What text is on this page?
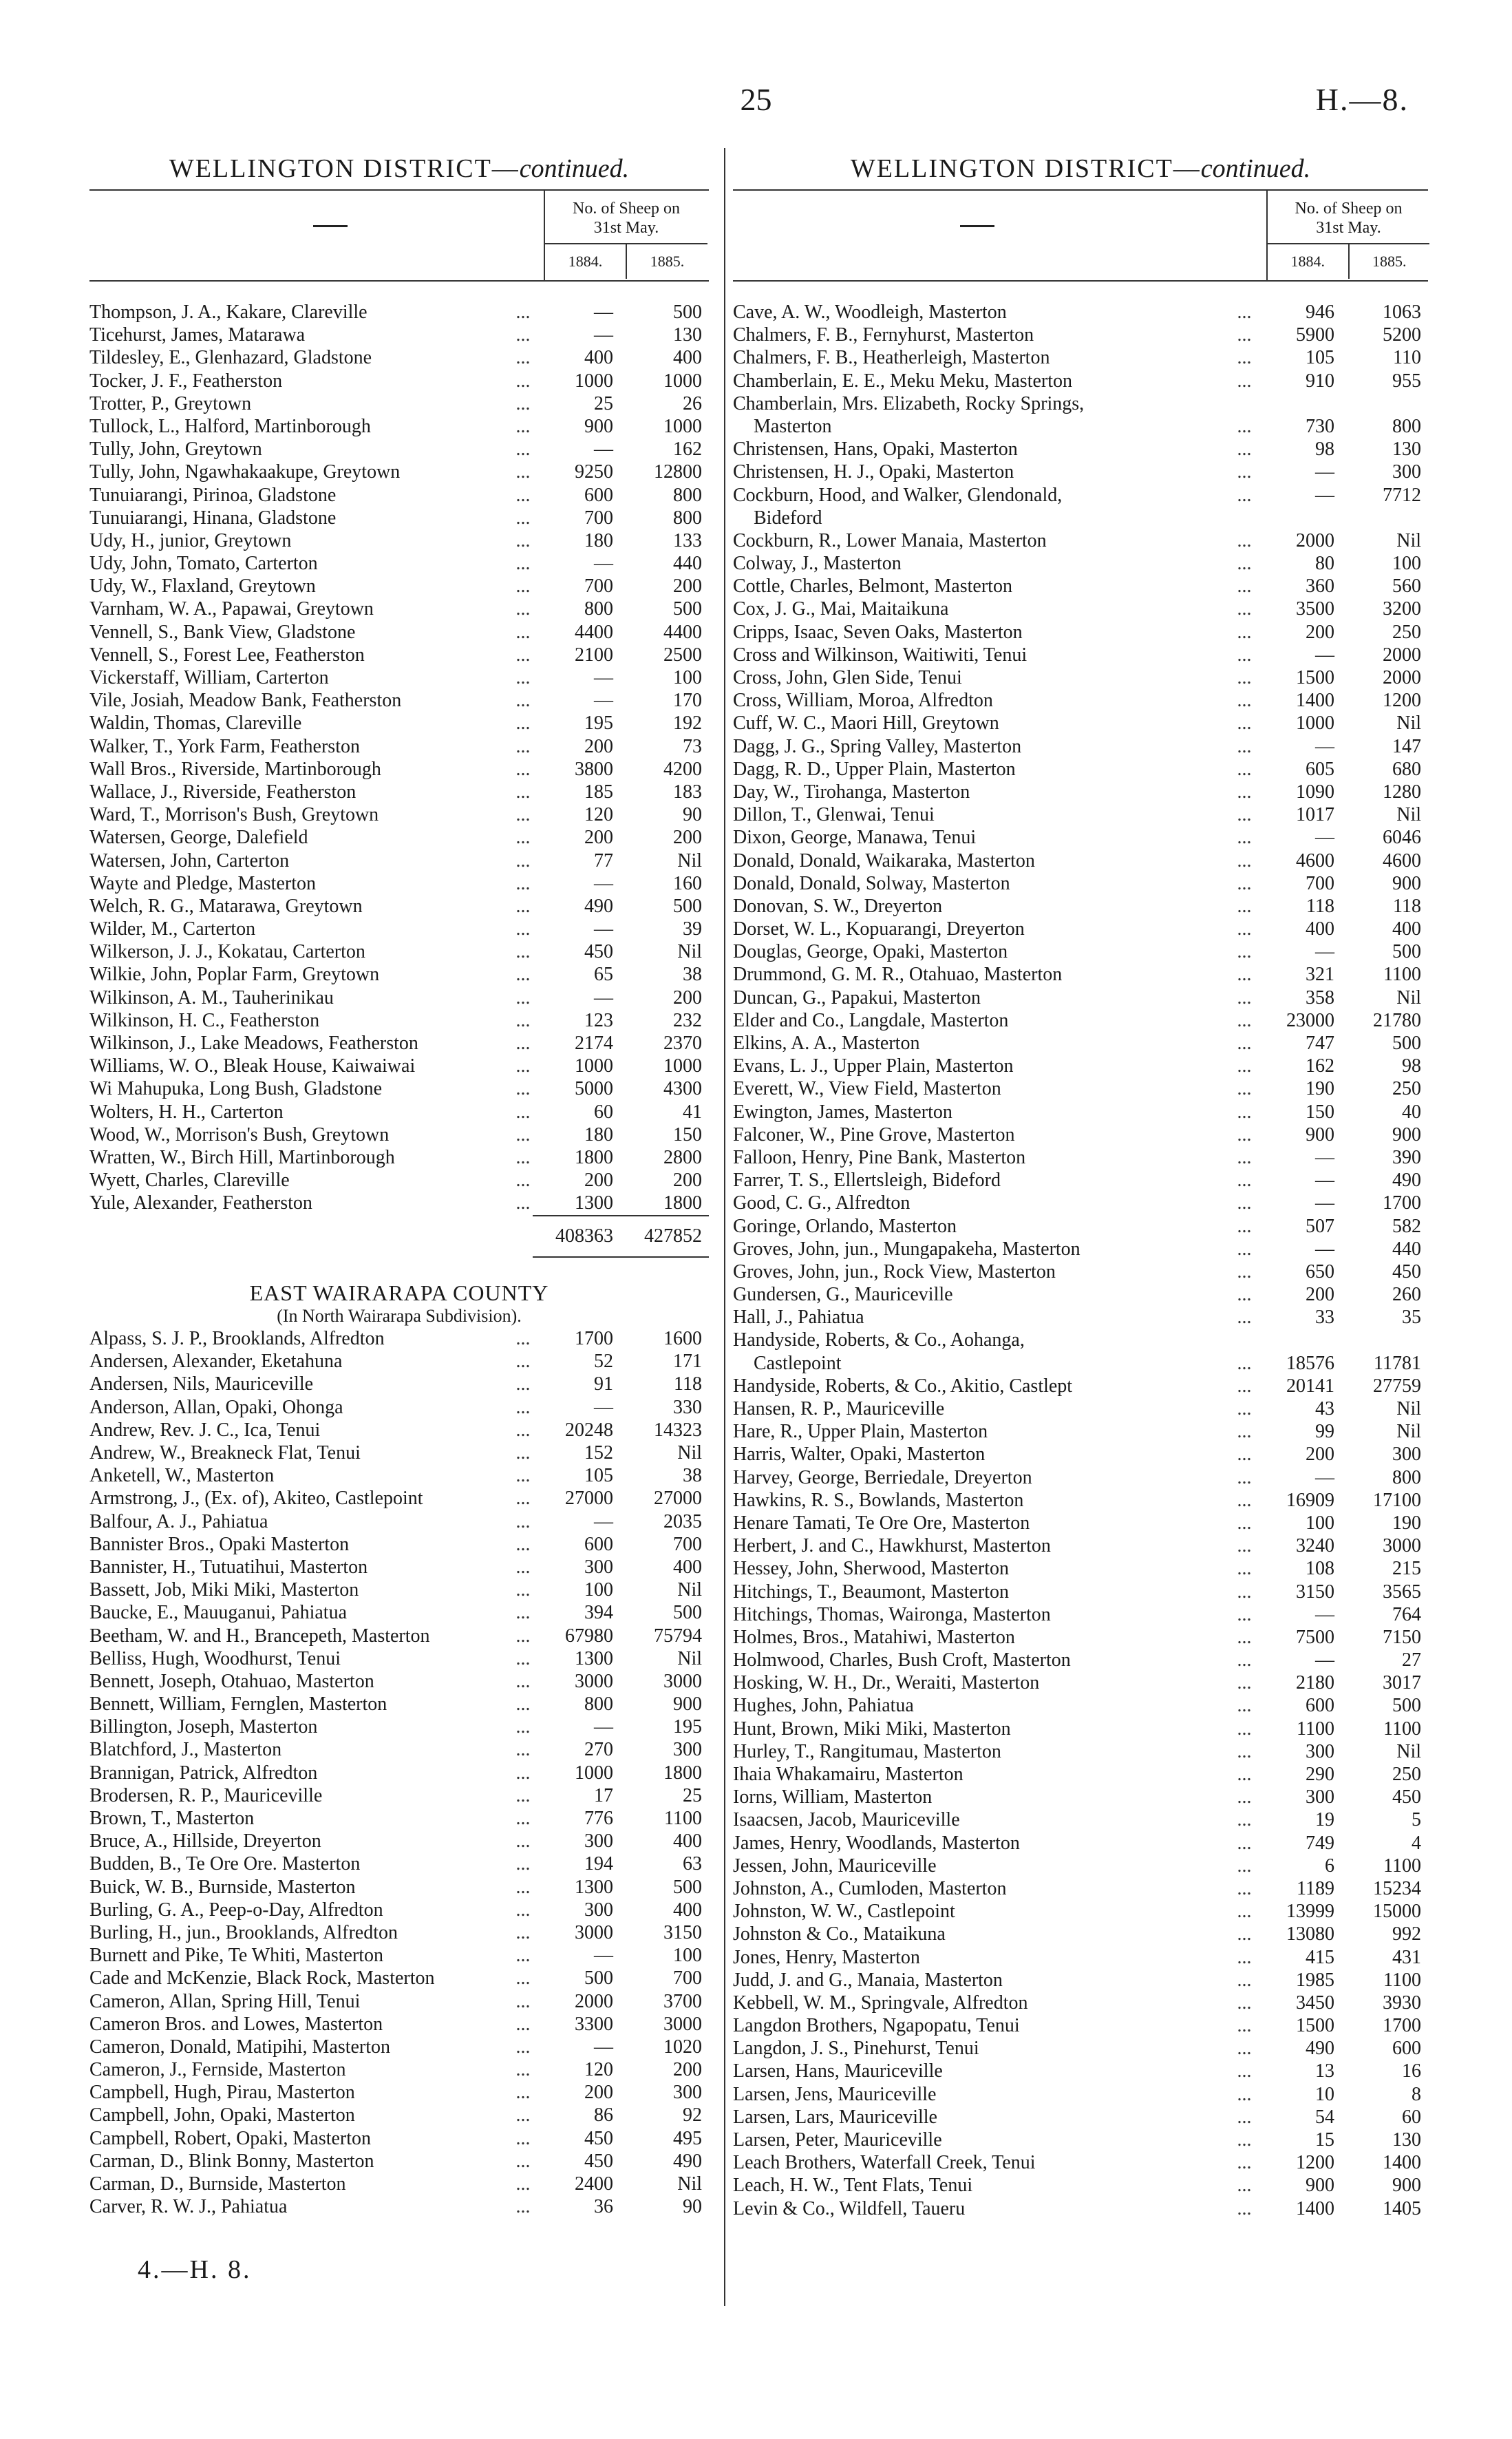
25	H.—8.
WELLINGTON DISTRICT—continued.
No. of Sheep on
31st May.
1884.	1885.
Thompson, J. A., Kakare, Clareville	...	—	500
Ticehurst, James, Matarawa	...	—	130
Tildesley, E., Glenhazard, Gladstone	...	400	400
Tocker, J. F., Featherston	...	1000	1000
Trotter, P., Greytown	...	25	26
Tullock, L., Halford, Martinborough	...	900	1000
Tully, John, Greytown	...	—	162
Tully, John, Ngawhakaakupe, Greytown	...	9250	12800
Tunuiarangi, Pirinoa, Gladstone	...	600	800
Tunuiarangi, Hinana, Gladstone	...	700	800
Udy, H., junior, Greytown	...	180	133
Udy, John, Tomato, Carterton	...	—	440
Udy, W., Flaxland, Greytown	...	700	200
Varnham, W. A., Papawai, Greytown	...	800	500
Vennell, S., Bank View, Gladstone	...	4400	4400
Vennell, S., Forest Lee, Featherston	...	2100	2500
Vickerstaff, William, Carterton	...	—	100
Vile, Josiah, Meadow Bank, Featherston	...	—	170
Waldin, Thomas, Clareville	...	195	192
Walker, T., York Farm, Featherston	...	200	73
Wall Bros., Riverside, Martinborough	...	3800	4200
Wallace, J., Riverside, Featherston	...	185	183
Ward, T., Morrison's Bush, Greytown	...	120	90
Watersen, George, Dalefield	...	200	200
Watersen, John, Carterton	...	77	Nil
Wayte and Pledge, Masterton	...	—	160
Welch, R. G., Matarawa, Greytown	...	490	500
Wilder, M., Carterton	...	—	39
Wilkerson, J. J., Kokatau, Carterton	...	450	Nil
Wilkie, John, Poplar Farm, Greytown	...	65	38
Wilkinson, A. M., Tauherinikau	...	—	200
Wilkinson, H. C., Featherston	...	123	232
Wilkinson, J., Lake Meadows, Featherston	...	2174	2370
Williams, W. O., Bleak House, Kaiwaiwai	...	1000	1000
Wi Mahupuka, Long Bush, Gladstone	...	5000	4300
Wolters, H. H., Carterton	...	60	41
Wood, W., Morrison's Bush, Greytown	...	180	150
Wratten, W., Birch Hill, Martinborough	...	1800	2800
Wyett, Charles, Clareville	...	200	200
Yule, Alexander, Featherston	...	1300	1800
408363	427852
EAST WAIRARAPA COUNTY
(In North Wairarapa Subdivision).
Alpass, S. J. P., Brooklands, Alfredton	...	1700	1600
Andersen, Alexander, Eketahuna	...	52	171
Andersen, Nils, Mauriceville	...	91	118
Anderson, Allan, Opaki, Ohonga	...	—	330
Andrew, Rev. J. C., Ica, Tenui	...	20248	14323
Andrew, W., Breakneck Flat, Tenui	...	152	Nil
Anketell, W., Masterton	...	105	38
Armstrong, J., (Ex. of), Akiteo, Castlepoint	...	27000	27000
Balfour, A. J., Pahiatua	...	—	2035
Bannister Bros., Opaki Masterton	...	600	700
Bannister, H., Tutuatihui, Masterton	...	300	400
Bassett, Job, Miki Miki, Masterton	...	100	Nil
Baucke, E., Mauuganui, Pahiatua	...	394	500
Beetham, W. and H., Brancepeth, Masterton	...	67980	75794
Belliss, Hugh, Woodhurst, Tenui	...	1300	Nil
Bennett, Joseph, Otahuao, Masterton	...	3000	3000
Bennett, William, Fernglen, Masterton	...	800	900
Billington, Joseph, Masterton	...	—	195
Blatchford, J., Masterton	...	270	300
Brannigan, Patrick, Alfredton	...	1000	1800
Brodersen, R. P., Mauriceville	...	17	25
Brown, T., Masterton	...	776	1100
Bruce, A., Hillside, Dreyerton	...	300	400
Budden, B., Te Ore Ore. Masterton	...	194	63
Buick, W. B., Burnside, Masterton	...	1300	500
Burling, G. A., Peep-o-Day, Alfredton	...	300	400
Burling, H., jun., Brooklands, Alfredton	...	3000	3150
Burnett and Pike, Te Whiti, Masterton	...	—	100
Cade and McKenzie, Black Rock, Masterton	...	500	700
Cameron, Allan, Spring Hill, Tenui	...	2000	3700
Cameron Bros. and Lowes, Masterton	...	3300	3000
Cameron, Donald, Matipihi, Masterton	...	—	1020
Cameron, J., Fernside, Masterton	...	120	200
Campbell, Hugh, Pirau, Masterton	...	200	300
Campbell, John, Opaki, Masterton	...	86	92
Campbell, Robert, Opaki, Masterton	...	450	495
Carman, D., Blink Bonny, Masterton	...	450	490
Carman, D., Burnside, Masterton	...	2400	Nil
Carver, R. W. J., Pahiatua	...	36	90
WELLINGTON DISTRICT—continued.
No. of Sheep on
31st May.
1884.	1885.
Cave, A. W., Woodleigh, Masterton	...	946	1063
Chalmers, F. B., Fernyhurst, Masterton	...	5900	5200
Chalmers, F. B., Heatherleigh, Masterton	...	105	110
Chamberlain, E. E., Meku Meku, Masterton	...	910	955
Chamberlain, Mrs. Elizabeth, Rocky Springs,
Masterton	...	730	800
Christensen, Hans, Opaki, Masterton	...	98	130
Christensen, H. J., Opaki, Masterton	...	—	300
Cockburn, Hood, and Walker, Glendonald,	...	—	7712
Bideford
Cockburn, R., Lower Manaia, Masterton	...	2000	Nil
Colway, J., Masterton	...	80	100
Cottle, Charles, Belmont, Masterton	...	360	560
Cox, J. G., Mai, Maitaikuna	...	3500	3200
Cripps, Isaac, Seven Oaks, Masterton	...	200	250
Cross and Wilkinson, Waitiwiti, Tenui	...	—	2000
Cross, John, Glen Side, Tenui	...	1500	2000
Cross, William, Moroa, Alfredton	...	1400	1200
Cuff, W. C., Maori Hill, Greytown	...	1000	Nil
Dagg, J. G., Spring Valley, Masterton	...	—	147
Dagg, R. D., Upper Plain, Masterton	...	605	680
Day, W., Tirohanga, Masterton	...	1090	1280
Dillon, T., Glenwai, Tenui	...	1017	Nil
Dixon, George, Manawa, Tenui	...	—	6046
Donald, Donald, Waikaraka, Masterton	...	4600	4600
Donald, Donald, Solway, Masterton	...	700	900
Donovan, S. W., Dreyerton	...	118	118
Dorset, W. L., Kopuarangi, Dreyerton	...	400	400
Douglas, George, Opaki, Masterton	...	—	500
Drummond, G. M. R., Otahuao, Masterton	...	321	1100
Duncan, G., Papakui, Masterton	...	358	Nil
Elder and Co., Langdale, Masterton	...	23000	21780
Elkins, A. A., Masterton	...	747	500
Evans, L. J., Upper Plain, Masterton	...	162	98
Everett, W., View Field, Masterton	...	190	250
Ewington, James, Masterton	...	150	40
Falconer, W., Pine Grove, Masterton	...	900	900
Falloon, Henry, Pine Bank, Masterton	...	—	390
Farrer, T. S., Ellertsleigh, Bideford	...	—	490
Good, C. G., Alfredton	...	—	1700
Goringe, Orlando, Masterton	...	507	582
Groves, John, jun., Mungapakeha, Masterton	...	—	440
Groves, John, jun., Rock View, Masterton	...	650	450
Gundersen, G., Mauriceville	...	200	260
Hall, J., Pahiatua	...	33	35
Handyside, Roberts, & Co., Aohanga,
Castlepoint	...	18576	11781
Handyside, Roberts, & Co., Akitio, Castlept	...	20141	27759
Hansen, R. P., Mauriceville	...	43	Nil
Hare, R., Upper Plain, Masterton	...	99	Nil
Harris, Walter, Opaki, Masterton	...	200	300
Harvey, George, Berriedale, Dreyerton	...	—	800
Hawkins, R. S., Bowlands, Masterton	...	16909	17100
Henare Tamati, Te Ore Ore, Masterton	...	100	190
Herbert, J. and C., Hawkhurst, Masterton	...	3240	3000
Hessey, John, Sherwood, Masterton	...	108	215
Hitchings, T., Beaumont, Masterton	...	3150	3565
Hitchings, Thomas, Waironga, Masterton	...	—	764
Holmes, Bros., Matahiwi, Masterton	...	7500	7150
Holmwood, Charles, Bush Croft, Masterton	...	—	27
Hosking, W. H., Dr., Weraiti, Masterton	...	2180	3017
Hughes, John, Pahiatua	...	600	500
Hunt, Brown, Miki Miki, Masterton	...	1100	1100
Hurley, T., Rangitumau, Masterton	...	300	Nil
Ihaia Whakamairu, Masterton	...	290	250
Iorns, William, Masterton	...	300	450
Isaacsen, Jacob, Mauriceville	...	19	5
James, Henry, Woodlands, Masterton	...	749	4
Jessen, John, Mauriceville	...	6	1100
Johnston, A., Cumloden, Masterton	...	1189	15234
Johnston, W. W., Castlepoint	...	13999	15000
Johnston & Co., Mataikuna	...	13080	992
Jones, Henry, Masterton	...	415	431
Judd, J. and G., Manaia, Masterton	...	1985	1100
Kebbell, W. M., Springvale, Alfredton	...	3450	3930
Langdon Brothers, Ngapopatu, Tenui	...	1500	1700
Langdon, J. S., Pinehurst, Tenui	...	490	600
Larsen, Hans, Mauriceville	...	13	16
Larsen, Jens, Mauriceville	...	10	8
Larsen, Lars, Mauriceville	...	54	60
Larsen, Peter, Mauriceville	...	15	130
Leach Brothers, Waterfall Creek, Tenui	...	1200	1400
Leach, H. W., Tent Flats, Tenui	...	900	900
Levin & Co., Wildfell, Taueru	...	1400	1405
4.—H. 8.
